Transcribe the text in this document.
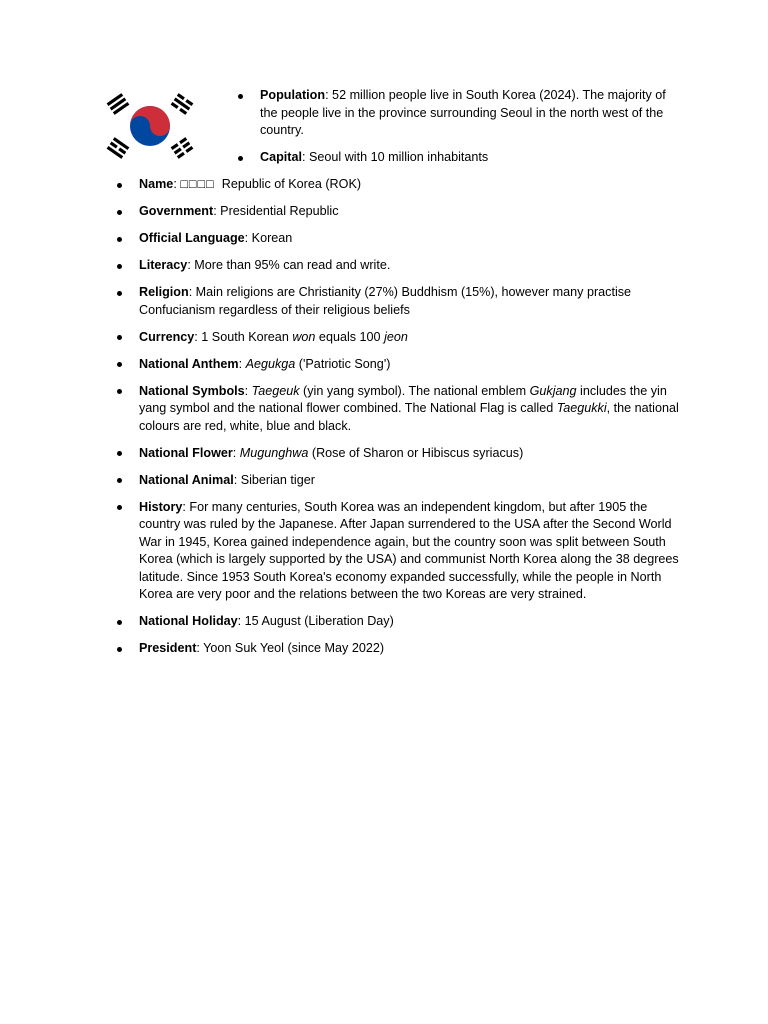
Population: 52 million people live in South Korea (2024). The majority of the people live in the province surrounding Seoul in the north west of the country.
Capital: Seoul with 10 million inhabitants
Name: □□□□  Republic of Korea (ROK)
Government: Presidential Republic
Official Language: Korean
Literacy: More than 95% can read and write.
Religion: Main religions are Christianity (27%) Buddhism (15%), however many practise Confucianism regardless of their religious beliefs
Currency: 1 South Korean won equals 100 jeon
National Anthem: Aegukga ('Patriotic Song')
National Symbols: Taegeuk (yin yang symbol). The national emblem Gukjang includes the yin yang symbol and the national flower combined. The National Flag is called Taegukki, the national colours are red, white, blue and black.
National Flower: Mugunghwa (Rose of Sharon or Hibiscus syriacus)
National Animal: Siberian tiger
History: For many centuries, South Korea was an independent kingdom, but after 1905 the country was ruled by the Japanese. After Japan surrendered to the USA after the Second World War in 1945, Korea gained independence again, but the country soon was split between South Korea (which is largely supported by the USA) and communist North Korea along the 38 degrees latitude. Since 1953 South Korea's economy expanded successfully, while the people in North Korea are very poor and the relations between the two Koreas are very strained.
National Holiday: 15 August (Liberation Day)
President: Yoon Suk Yeol (since May 2022)
